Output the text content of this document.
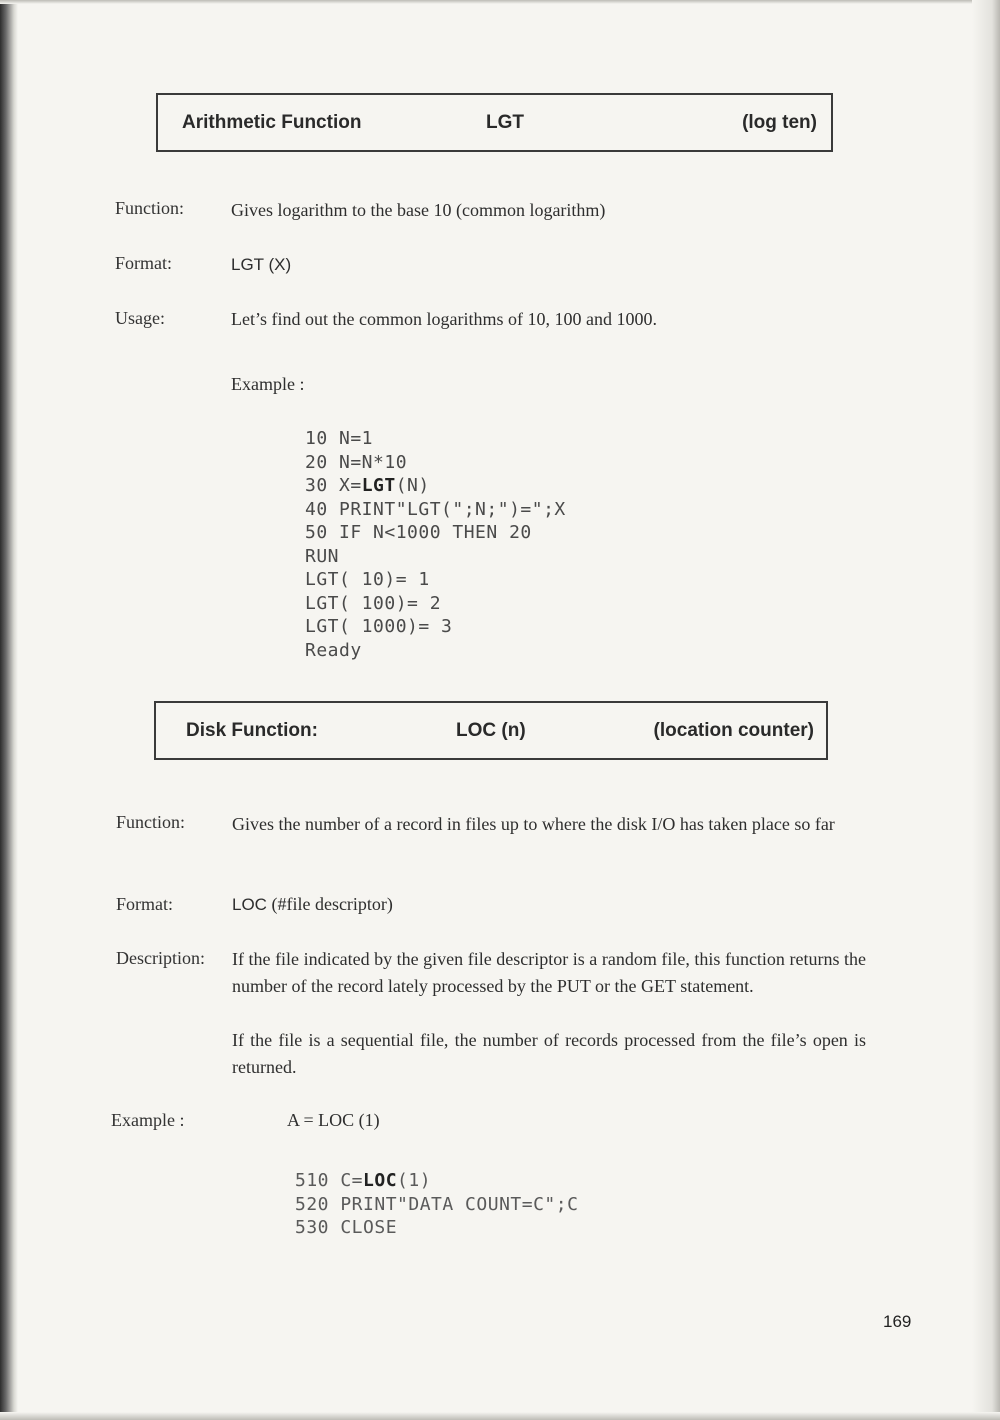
Arithmetic Function	LGT	(log ten)
Function:	Gives logarithm to the base 10 (common logarithm)
Format:	LGT (X)
Usage:	Let’s find out the common logarithms of 10, 100 and 1000.
Example :
10 N=1
20 N=N*10
30 X=LGT(N)
40 PRINT"LGT(";N;")=";X
50 IF N<1000 THEN 20
RUN
LGT( 10)= 1
LGT( 100)= 2
LGT( 1000)= 3
Ready
Disk Function:	LOC (n)	(location counter)
Function:	Gives the number of a record in files up to where the disk I/O has taken place so far
Format:	LOC (#file descriptor)
Description: If the file indicated by the given file descriptor is a random file, this function returns the number of the record lately processed by the PUT or the GET statement.
If the file is a sequential file, the number of records processed from the file’s open is returned.
Example :	A = LOC (1)
510 C=LOC(1)
520 PRINT"DATA COUNT=C";C
530 CLOSE
169
